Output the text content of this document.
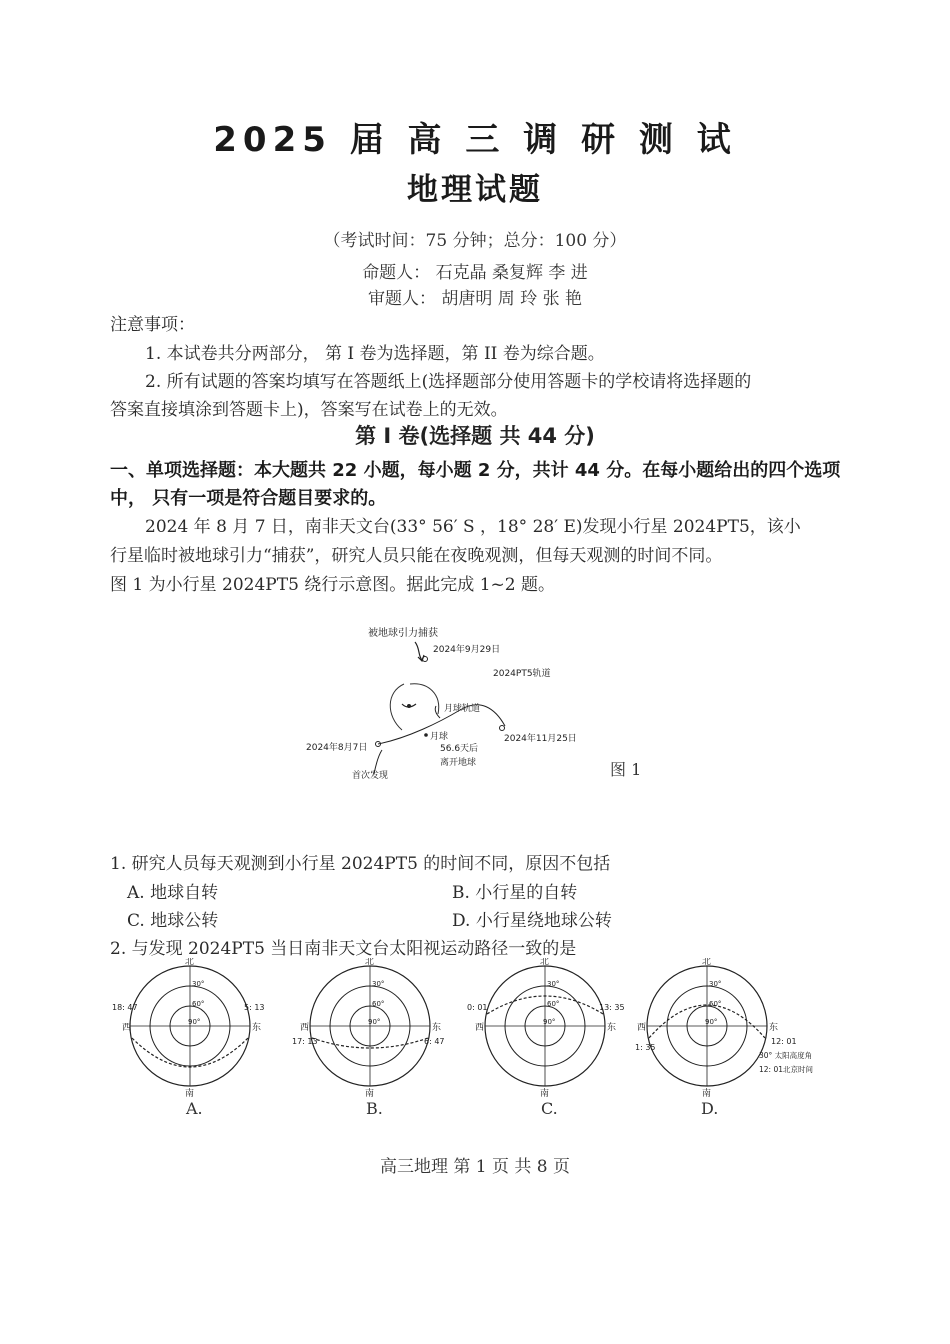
2025 届 高 三 调 研 测 试
地理试题
（考试时间：75 分钟；总分：100 分）
命题人： 石克晶 桑复辉 李 进
审题人： 胡唐明 周 玲 张 艳
注意事项：
1. 本试卷共分两部分， 第 I 卷为选择题，第 II 卷为综合题。
2. 所有试题的答案均填写在答题纸上(选择题部分使用答题卡的学校请将选择题的
答案直接填涂到答题卡上)，答案写在试卷上的无效。
第 I 卷(选择题 共 44 分)
一、单项选择题：本大题共 22 小题，每小题 2 分，共计 44 分。在每小题给出的四个选项
中， 只有一项是符合题目要求的。
2024 年 8 月 7 日，南非天文台(33° 56′ S ，18° 28′ E)发现小行星 2024PT5，该小
行星临时被地球引力“捕获”，研究人员只能在夜晚观测，但每天观测的时间不同。
图 1 为小行星 2024PT5 绕行示意图。据此完成 1~2 题。
被地球引力捕获
2024年9月29日
2024PT5轨道
月球轨道
月球
2024年8月7日
首次发现
56.6天后
离开地球
2024年11月25日
图 1
1. 研究人员每天观测到小行星 2024PT5 的时间不同，原因不包括
A. 地球自转	B. 小行星的自转
C. 地球公转	D. 小行星绕地球公转
2. 与发现 2024PT5 当日南非天文台太阳视运动路径一致的是
北
南
西	东
18: 47	5: 13
30°
60°
90°
A.
北
南
西	东
17: 13	6: 47
30°
60°
90°
B.
北
南
西	东
0: 01	13: 35
30°
60°
90°
C.
北
南
西	东
1: 35
12: 01
30°
60°
90°
30° 太阳高度角
12: 01北京时间
D.
高三地理 第 1 页 共 8 页
